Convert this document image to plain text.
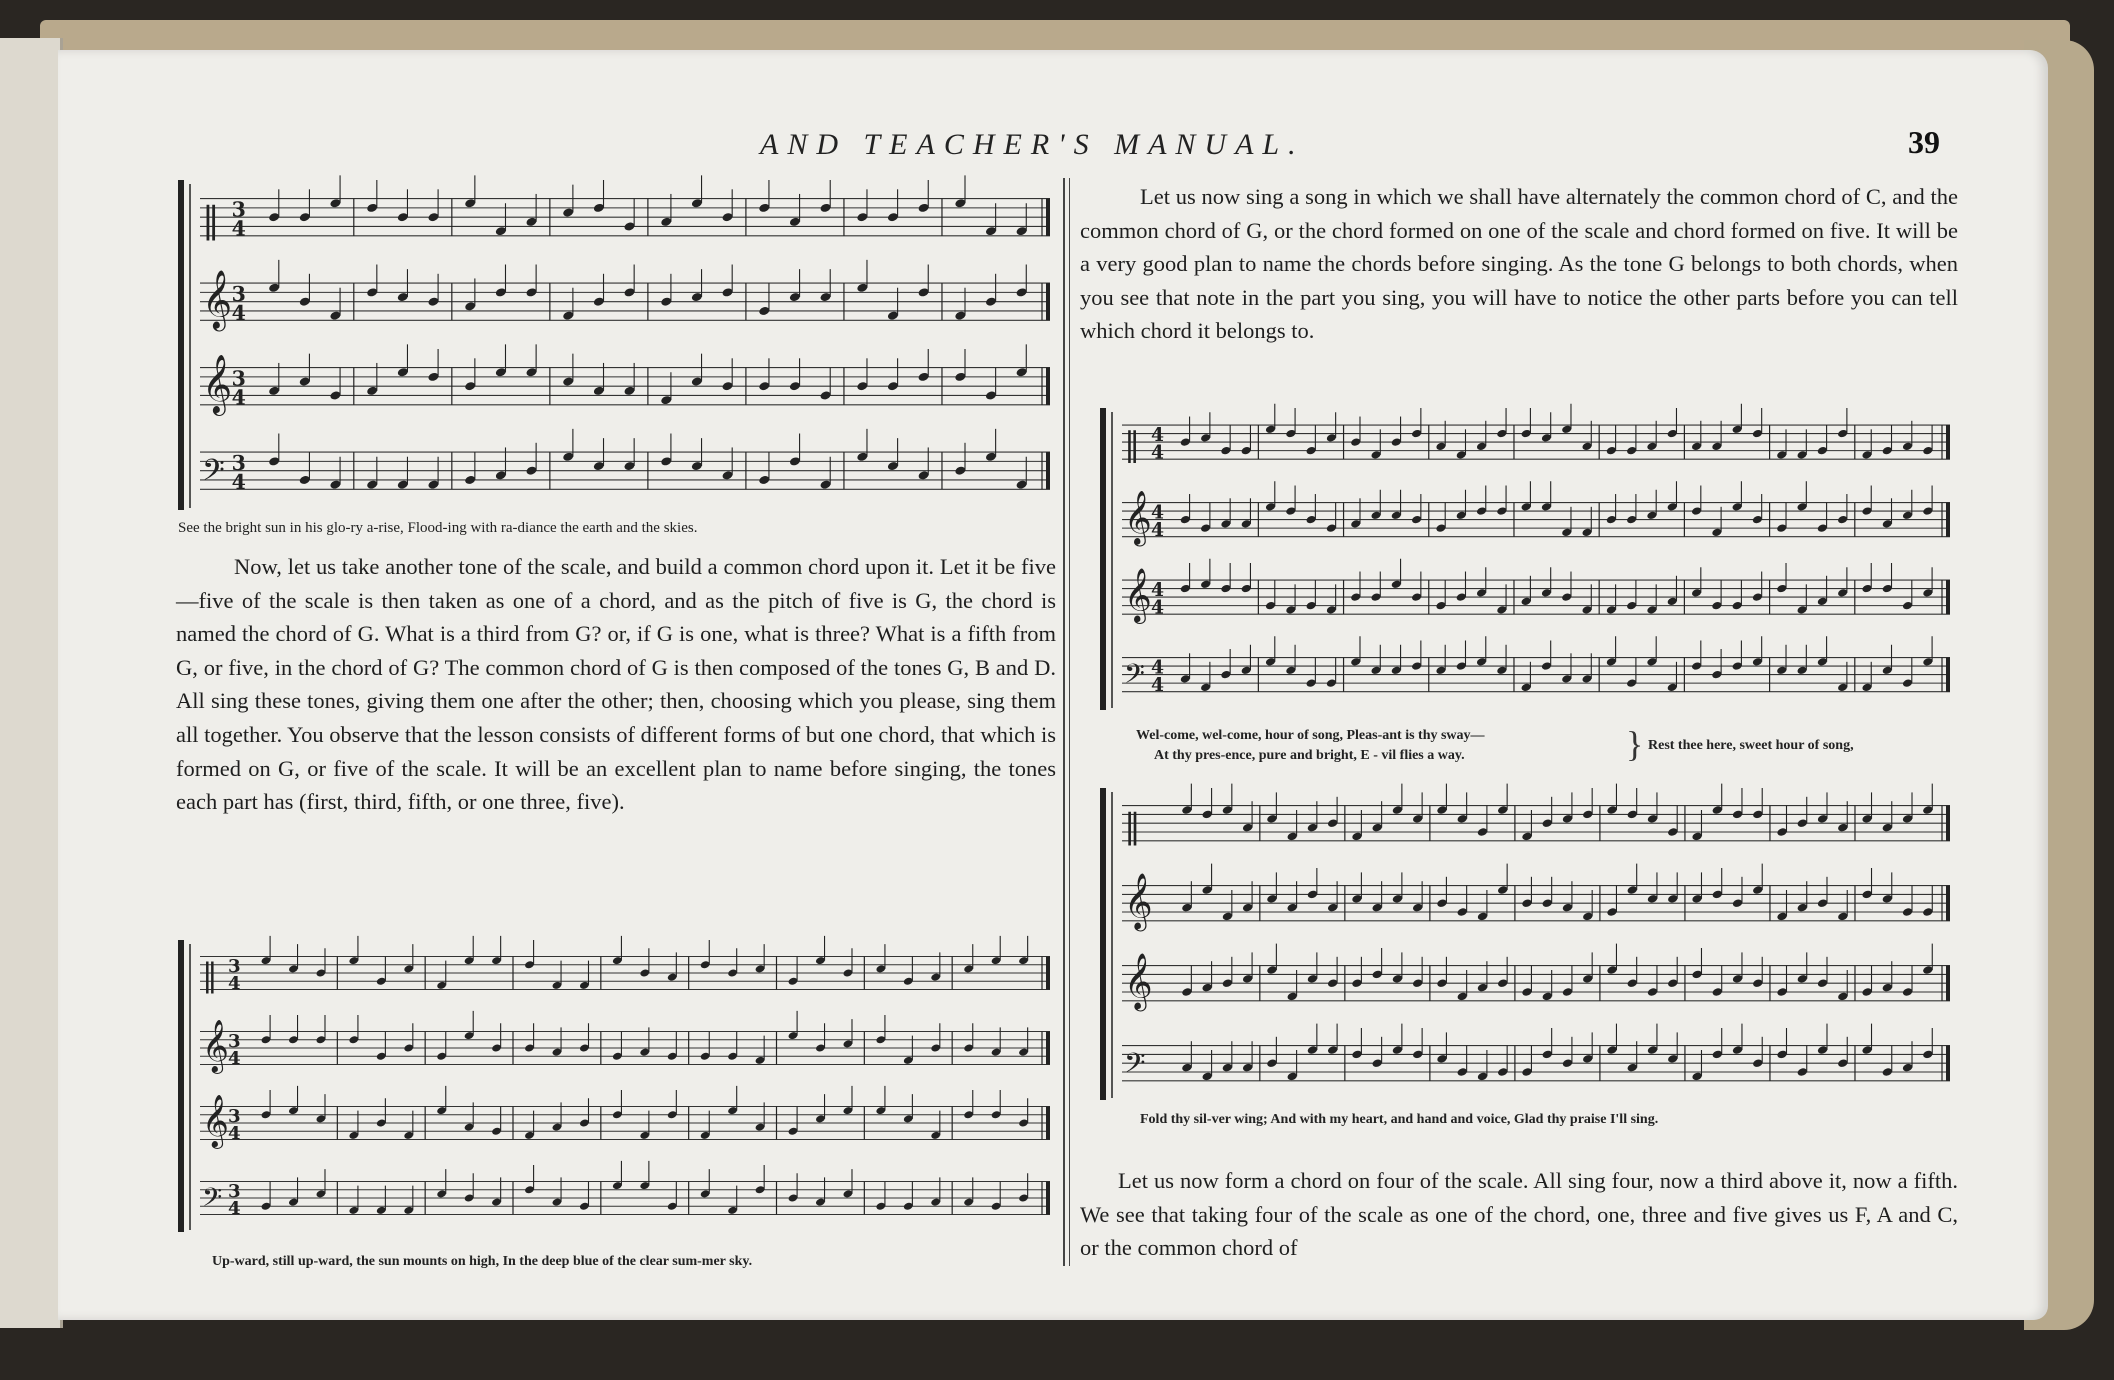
AND TEACHER'S MANUAL.	39
‖ 3
4
𝄞 3
4
𝄞 3
4
𝄢 3
4
See the bright sun in his glo-ry a-rise, Flood-ing with ra-diance the earth and the skies.

Now, let us take another tone of the scale, and build a common chord upon it. Let it be five—five of the scale is then taken as one of a chord, and as the pitch of five is G, the chord is named the chord of G. What is a third from G? or, if G is one, what is three? What is a fifth from G, or five, in the chord of G? The common chord of G is then composed of the tones G, B and D. All sing these tones, giving them one after the other; then, choosing which you please, sing them all together. You observe that the lesson consists of different forms of but one chord, that which is formed on G, or five of the scale. It will be an excellent plan to name before singing, the tones each part has (first, third, fifth, or one three, five).

‖ 3
4
𝄞 3
4
𝄞 3
4
𝄢 3
4
Up-ward, still up-ward, the sun mounts on high, In the deep blue of the clear sum-mer sky.

Let us now sing a song in which we shall have alternately the common chord of C, and the common chord of G, or the chord formed on one of the scale and chord formed on five. It will be a very good plan to name the chords before singing. As the tone G belongs to both chords, when you see that note in the part you sing, you will have to notice the other parts before you can tell which chord it belongs to.

‖ 4
4
𝄞 4
4
𝄞 4
4
𝄢 4
4
Wel-come, wel-come, hour of song, Pleas-ant is thy sway—
At thy pres-ence, pure and bright, E - vil flies a way.	} Rest thee here, sweet hour of song,
‖
𝄞
𝄞
𝄢
Fold thy sil-ver wing; And with my heart, and hand and voice, Glad thy praise I'll sing.

Let us now form a chord on four of the scale. All sing four, now a third above it, now a fifth. We see that taking four of the scale as one of the chord, one, three and five gives us F, A and C, or the common chord of
